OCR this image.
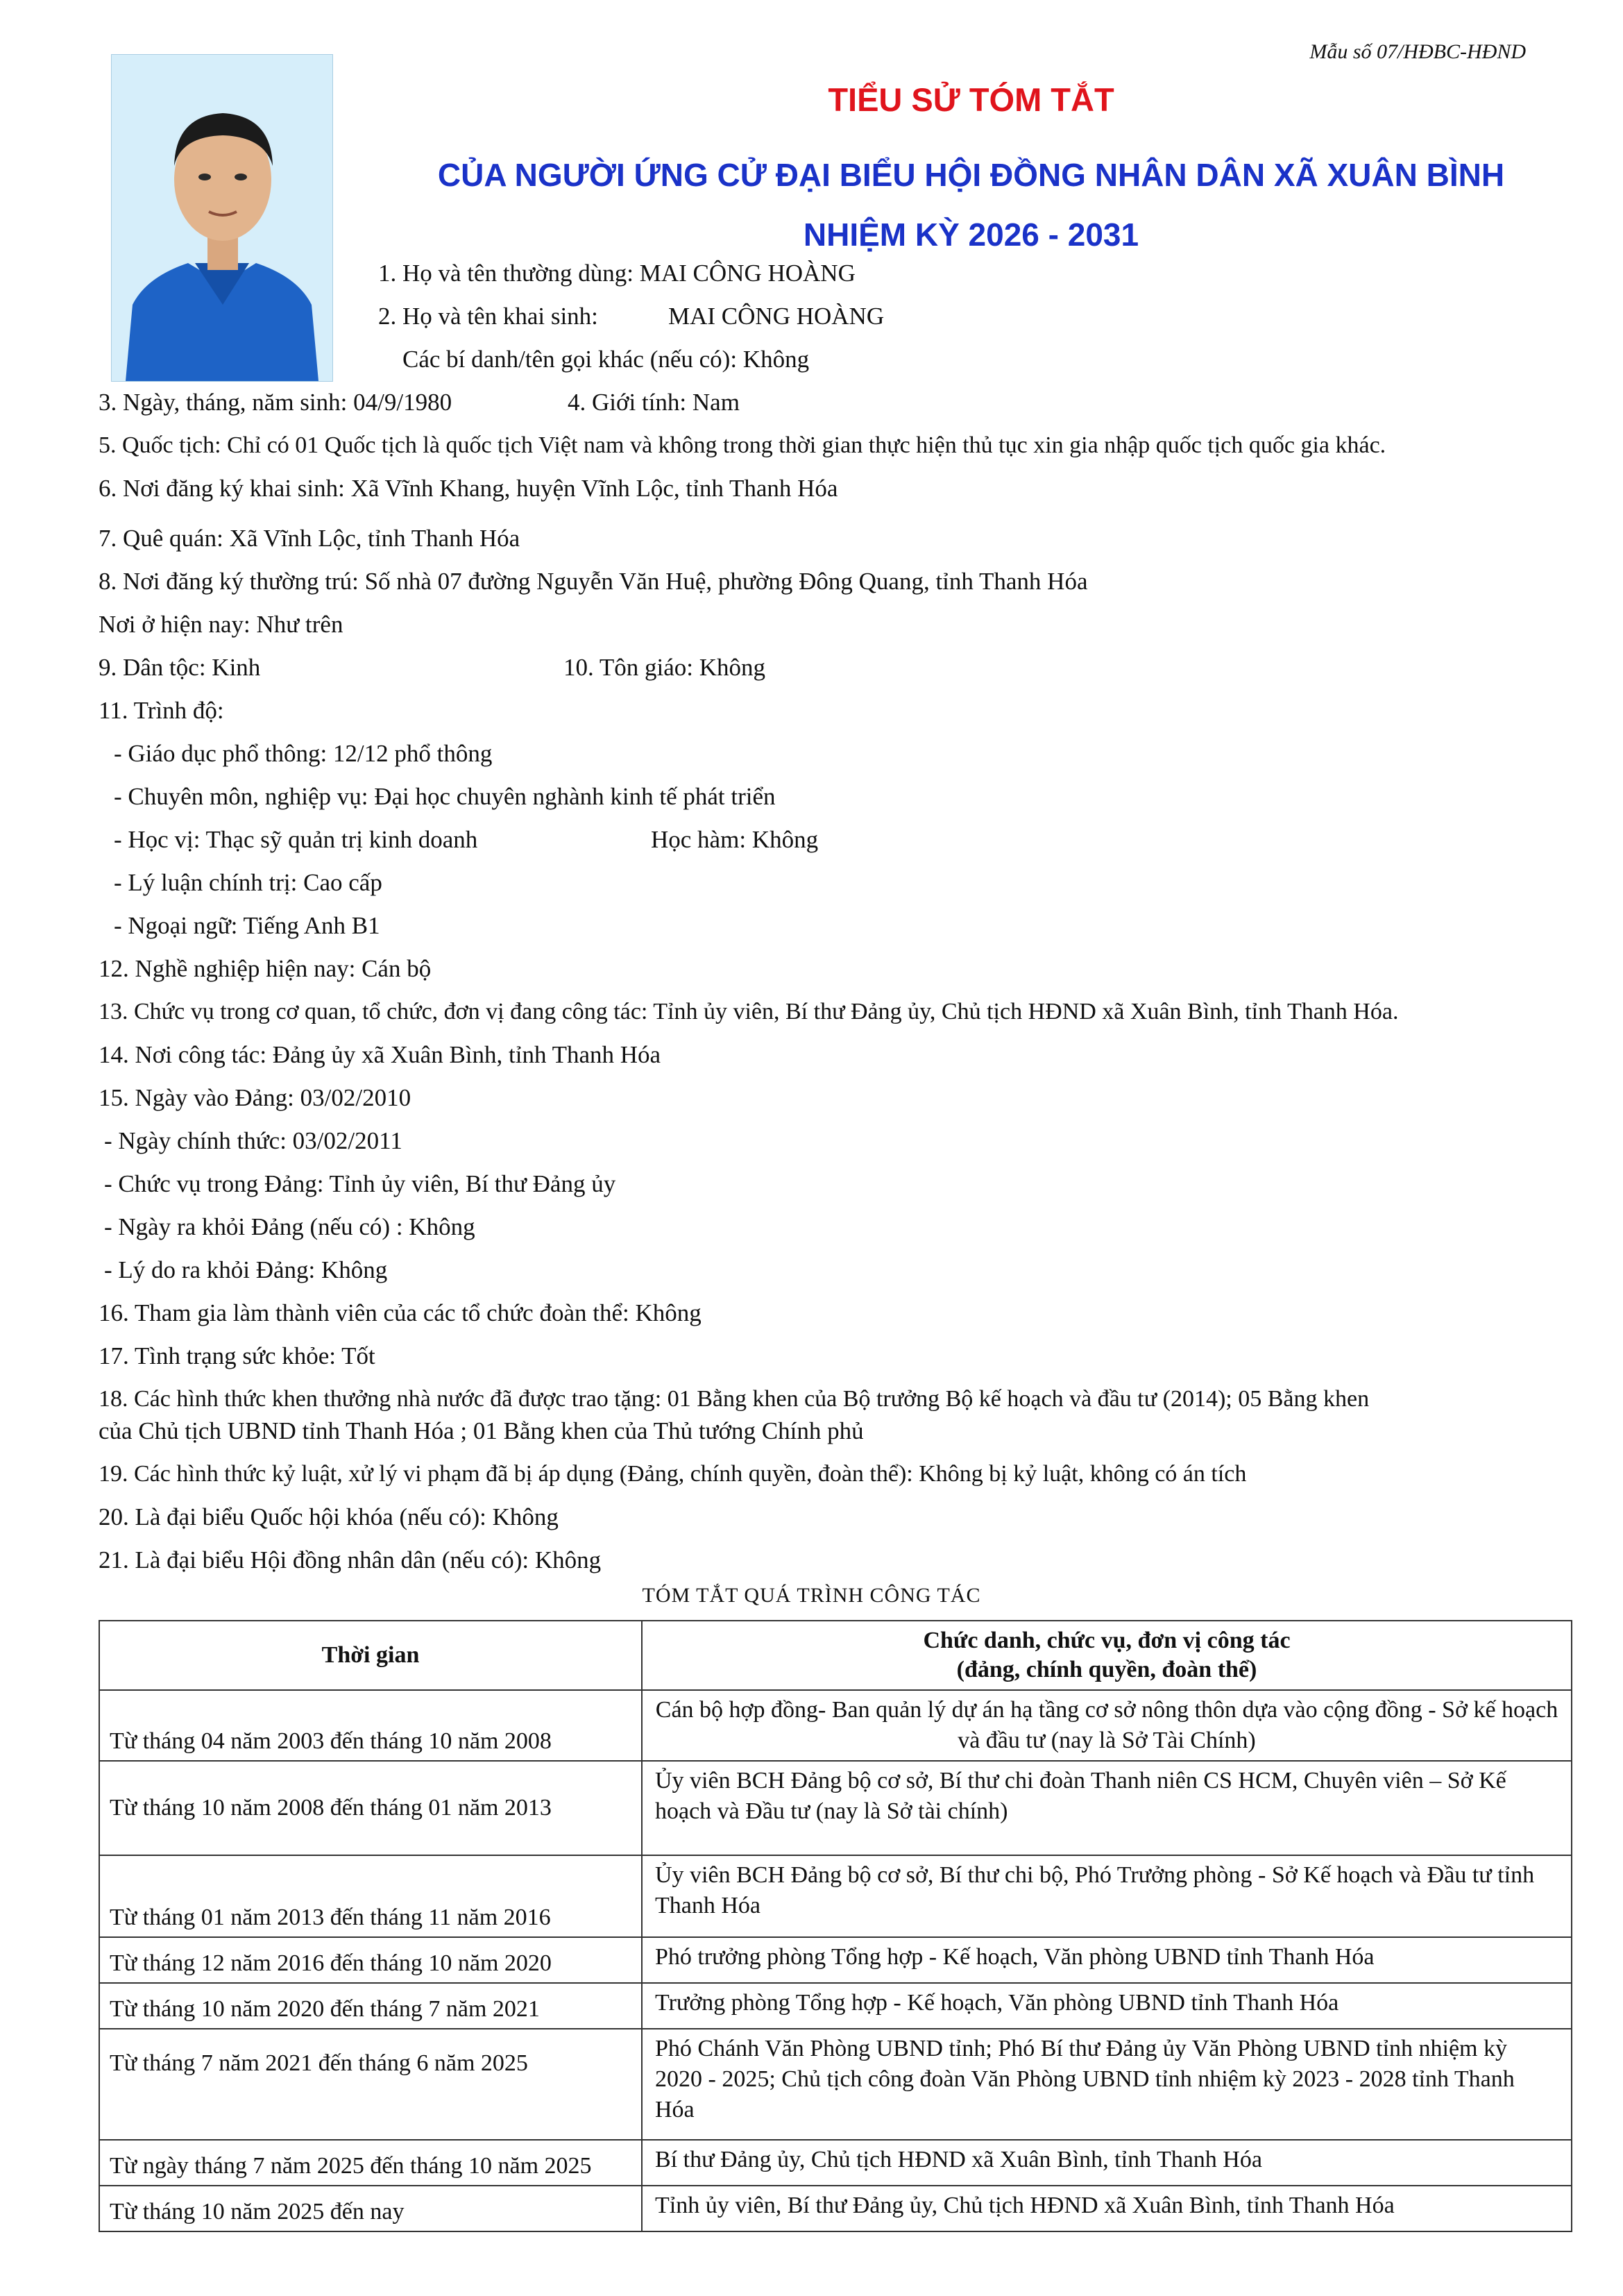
Mẫu số 07/HĐBC-HĐND
TIỂU SỬ TÓM TẮT
CỦA NGƯỜI ỨNG CỬ ĐẠI BIỂU HỘI ĐỒNG NHÂN DÂN XÃ XUÂN BÌNH
NHIỆM KỲ 2026 - 2031
1. Họ và tên thường dùng: MAI CÔNG HOÀNG
2. Họ và tên khai sinh:	MAI CÔNG HOÀNG
Các bí danh/tên gọi khác (nếu có): Không
3. Ngày, tháng, năm sinh: 04/9/1980	4. Giới tính: Nam
5. Quốc tịch: Chỉ có 01 Quốc tịch là quốc tịch Việt nam và không trong thời gian thực hiện thủ tục xin gia nhập quốc tịch quốc gia khác.
6. Nơi đăng ký khai sinh: Xã Vĩnh Khang, huyện Vĩnh Lộc, tỉnh Thanh Hóa
7. Quê quán: Xã Vĩnh Lộc, tỉnh Thanh Hóa
8. Nơi đăng ký thường trú: Số nhà 07 đường Nguyễn Văn Huệ, phường Đông Quang, tỉnh Thanh Hóa
Nơi ở hiện nay: Như trên
9. Dân tộc: Kinh	10. Tôn giáo: Không
11. Trình độ:
- Giáo dục phổ thông: 12/12 phổ thông
- Chuyên môn, nghiệp vụ: Đại học chuyên nghành kinh tế phát triển
- Học vị: Thạc sỹ quản trị kinh doanh	Học hàm: Không
- Lý luận chính trị: Cao cấp
- Ngoại ngữ: Tiếng Anh B1
12. Nghề nghiệp hiện nay: Cán bộ
13. Chức vụ trong cơ quan, tổ chức, đơn vị đang công tác: Tỉnh ủy viên, Bí thư Đảng ủy, Chủ tịch HĐND xã Xuân Bình, tỉnh Thanh Hóa.
14. Nơi công tác: Đảng ủy xã Xuân Bình, tỉnh Thanh Hóa
15. Ngày vào Đảng: 03/02/2010
- Ngày chính thức: 03/02/2011
- Chức vụ trong Đảng: Tỉnh ủy viên, Bí thư Đảng ủy
- Ngày ra khỏi Đảng (nếu có) : Không
- Lý do ra khỏi Đảng: Không
16. Tham gia làm thành viên của các tổ chức đoàn thể: Không
17. Tình trạng sức khỏe: Tốt
18. Các hình thức khen thưởng nhà nước đã được trao tặng: 01 Bằng khen của Bộ trưởng Bộ kế hoạch và đầu tư (2014); 05 Bằng khen
của Chủ tịch UBND tỉnh Thanh Hóa ; 01 Bằng khen của Thủ tướng Chính phủ
19. Các hình thức kỷ luật, xử lý vi phạm đã bị áp dụng (Đảng, chính quyền, đoàn thể): Không bị kỷ luật, không có án tích
20. Là đại biểu Quốc hội khóa (nếu có): Không
21. Là đại biểu Hội đồng nhân dân (nếu có): Không
TÓM TẮT QUÁ TRÌNH CÔNG TÁC
Thời gian	Chức danh, chức vụ, đơn vị công tác
(đảng, chính quyền, đoàn thể)

Từ tháng 04 năm 2003 đến tháng 10 năm 2008	Cán bộ hợp đồng- Ban quản lý dự án hạ tầng cơ sở nông thôn dựa vào cộng đồng - Sở kế hoạch và đầu tư (nay là Sở Tài Chính)
Từ tháng 10 năm 2008 đến tháng 01 năm 2013	Ủy viên BCH Đảng bộ cơ sở, Bí thư chi đoàn Thanh niên CS HCM, Chuyên viên – Sở Kế hoạch và Đầu tư (nay là Sở tài chính)
Từ tháng 01 năm 2013 đến tháng 11 năm 2016	Ủy viên BCH Đảng bộ cơ sở, Bí thư chi bộ, Phó Trưởng phòng - Sở Kế hoạch và Đầu tư tỉnh Thanh Hóa
Từ tháng 12 năm 2016 đến tháng 10 năm 2020	Phó trưởng phòng Tổng hợp - Kế hoạch, Văn phòng UBND tỉnh Thanh Hóa
Từ tháng 10 năm 2020 đến tháng 7 năm 2021	Trưởng phòng Tổng hợp - Kế hoạch, Văn phòng UBND tỉnh Thanh Hóa
Từ tháng 7 năm 2021 đến tháng 6 năm 2025	Phó Chánh Văn Phòng UBND tỉnh; Phó Bí thư Đảng ủy Văn Phòng UBND tỉnh nhiệm kỳ 2020 - 2025; Chủ tịch công đoàn Văn Phòng UBND tỉnh nhiệm kỳ 2023 - 2028 tỉnh Thanh Hóa
Từ ngày tháng 7 năm 2025 đến tháng 10 năm 2025	Bí thư Đảng ủy, Chủ tịch HĐND xã Xuân Bình, tỉnh Thanh Hóa
Từ tháng 10 năm 2025 đến nay	Tỉnh ủy viên, Bí thư Đảng ủy, Chủ tịch HĐND xã Xuân Bình, tỉnh Thanh Hóa
